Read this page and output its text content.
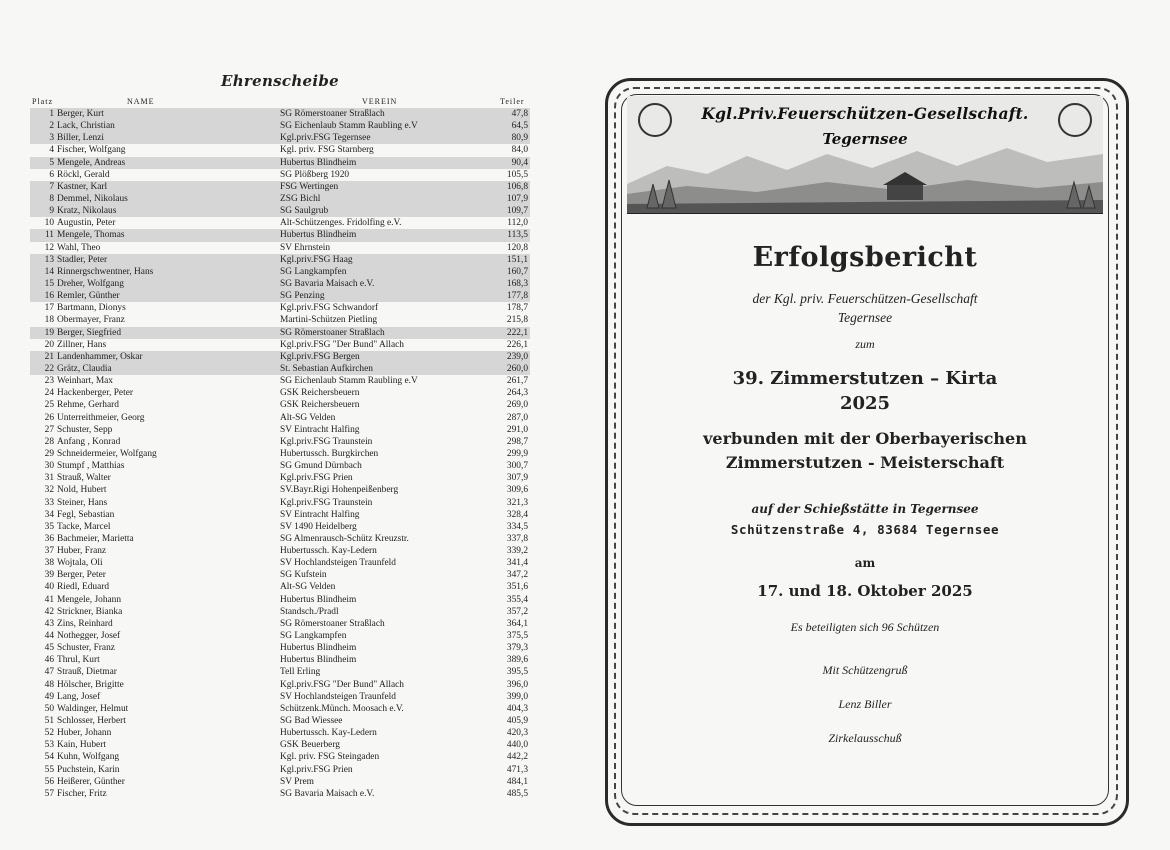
Ehrenscheibe
Platz	NAME	VEREIN	Teiler
1 Berger, Kurt	SG Römerstoaner Straßlach	47,8
2 Lack, Christian	SG Eichenlaub Stamm Raubling e.V	64,5
3 Biller, Lenzi	Kgl.priv.FSG Tegernsee	80,9
4 Fischer, Wolfgang	Kgl. priv. FSG Starnberg	84,0
5 Mengele, Andreas	Hubertus Blindheim	90,4
6 Röckl, Gerald	SG Plößberg 1920	105,5
7 Kastner, Karl	FSG Wertingen	106,8
8 Demmel, Nikolaus	ZSG Bichl	107,9
9 Kratz, Nikolaus	SG Saulgrub	109,7
10 Augustin, Peter	Alt-Schützenges. Fridolfing e.V.	112,0
11 Mengele, Thomas	Hubertus Blindheim	113,5
12 Wahl, Theo	SV Ehrnstein	120,8
13 Stadler, Peter	Kgl.priv.FSG Haag	151,1
14 Rinnergschwentner, Hans	SG Langkampfen	160,7
15 Dreher, Wolfgang	SG Bavaria Maisach e.V.	168,3
16 Remler, Günther	SG Penzing	177,8
17 Bartmann, Dionys	Kgl.priv.FSG Schwandorf	178,7
18 Obermayer, Franz	Martini-Schützen Pietling	215,8
19 Berger, Siegfried	SG Römerstoaner Straßlach	222,1
20 Zillner, Hans	Kgl.priv.FSG "Der Bund" Allach	226,1
21 Landenhammer, Oskar	Kgl.priv.FSG Bergen	239,0
22 Grätz, Claudia	St. Sebastian Aufkirchen	260,0
23 Weinhart, Max	SG Eichenlaub Stamm Raubling e.V	261,7
24 Hackenberger, Peter	GSK Reichersbeuern	264,3
25 Rehme, Gerhard	GSK Reichersbeuern	269,0
26 Unterreithmeier, Georg	Alt-SG Velden	287,0
27 Schuster, Sepp	SV Eintracht Halfing	291,0
28 Anfang , Konrad	Kgl.priv.FSG Traunstein	298,7
29 Schneidermeier, Wolfgang	Hubertussch. Burgkirchen	299,9
30 Stumpf , Matthias	SG Gmund Dürnbach	300,7
31 Strauß, Walter	Kgl.priv.FSG Prien	307,9
32 Nold, Hubert	SV.Bayr.Rigi Hohenpeißenberg	309,6
33 Steiner, Hans	Kgl.priv.FSG Traunstein	321,3
34 Fegl, Sebastian	SV Eintracht Halfing	328,4
35 Tacke, Marcel	SV 1490 Heidelberg	334,5
36 Bachmeier, Marietta	SG Almenrausch-Schütz Kreuzstr.	337,8
37 Huber, Franz	Hubertussch. Kay-Ledern	339,2
38 Wojtala, Oli	SV Hochlandsteigen Traunfeld	341,4
39 Berger, Peter	SG Kufstein	347,2
40 Riedl, Eduard	Alt-SG Velden	351,6
41 Mengele, Johann	Hubertus Blindheim	355,4
42 Strickner, Bianka	Standsch./Pradl	357,2
43 Zins, Reinhard	SG Römerstoaner Straßlach	364,1
44 Nothegger, Josef	SG Langkampfen	375,5
45 Schuster, Franz	Hubertus Blindheim	379,3
46 Thrul, Kurt	Hubertus Blindheim	389,6
47 Strauß, Dietmar	Tell Erling	395,5
48 Hölscher, Brigitte	Kgl.priv.FSG "Der Bund" Allach	396,0
49 Lang, Josef	SV Hochlandsteigen Traunfeld	399,0
50 Waldinger, Helmut	Schützenk.Münch. Moosach e.V.	404,3
51 Schlosser, Herbert	SG Bad Wiessee	405,9
52 Huber, Johann	Hubertussch. Kay-Ledern	420,3
53 Kain, Hubert	GSK Beuerberg	440,0
54 Kuhn, Wolfgang	Kgl. priv. FSG Steingaden	442,2
55 Puchstein, Karin	Kgl.priv.FSG Prien	471,3
56 Heißerer, Günther	SV Prem	484,1
57 Fischer, Fritz	SG Bavaria Maisach e.V.	485,5
Kgl.Priv.Feuerschützen-Gesellschaft.
Tegernsee
Erfolgsbericht
der Kgl. priv. Feuerschützen-Gesellschaft
Tegernsee
zum
39. Zimmerstutzen – Kirta
2025
verbunden mit der Oberbayerischen
Zimmerstutzen - Meisterschaft
auf der Schießstätte in Tegernsee
Schützenstraße 4, 83684 Tegernsee
am
17. und 18. Oktober 2025
Es beteiligten sich 96 Schützen
Mit Schützengruß
Lenz Biller
Zirkelausschuß
